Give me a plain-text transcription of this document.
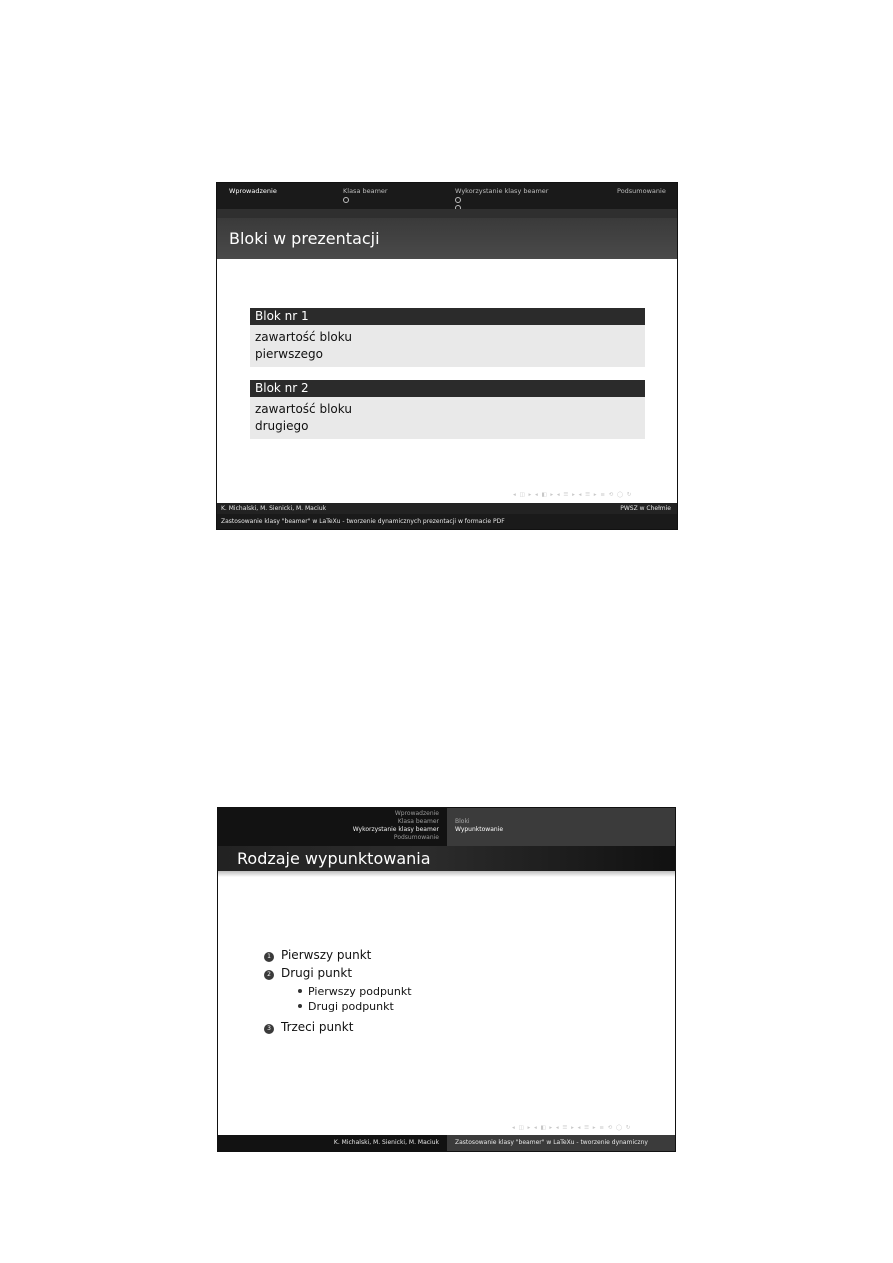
Wprowadzenie	Klasa beamer	Wykorzystanie klasy beamer	Podsumowanie
Bloki w prezentacji
Blok nr 1
zawartość bloku
pierwszego
Blok nr 2
zawartość bloku
drugiego
◂ ◫ ▸ ◂ ◧ ▸ ◂ ☰ ▸ ◂ ☰ ▸ ≡ ⟲ ◯ ↻
K. Michalski, M. Sienicki, M. Maciuk	PWSZ w Chełmie
Zastosowanie klasy "beamer" w LaTeXu - tworzenie dynamicznych prezentacji w formacie PDF
Wprowadzenie
Klasa beamer
Wykorzystanie klasy beamer
Podsumowanie
Bloki
Wypunktowanie
Rodzaje wypunktowania
1 Pierwszy punkt
2 Drugi punkt
Pierwszy podpunkt
Drugi podpunkt
3 Trzeci punkt
◂ ◫ ▸ ◂ ◧ ▸ ◂ ☰ ▸ ◂ ☰ ▸ ≡ ⟲ ◯ ↻
K. Michalski, M. Sienicki, M. Maciuk	Zastosowanie klasy "beamer" w LaTeXu - tworzenie dynamiczny
